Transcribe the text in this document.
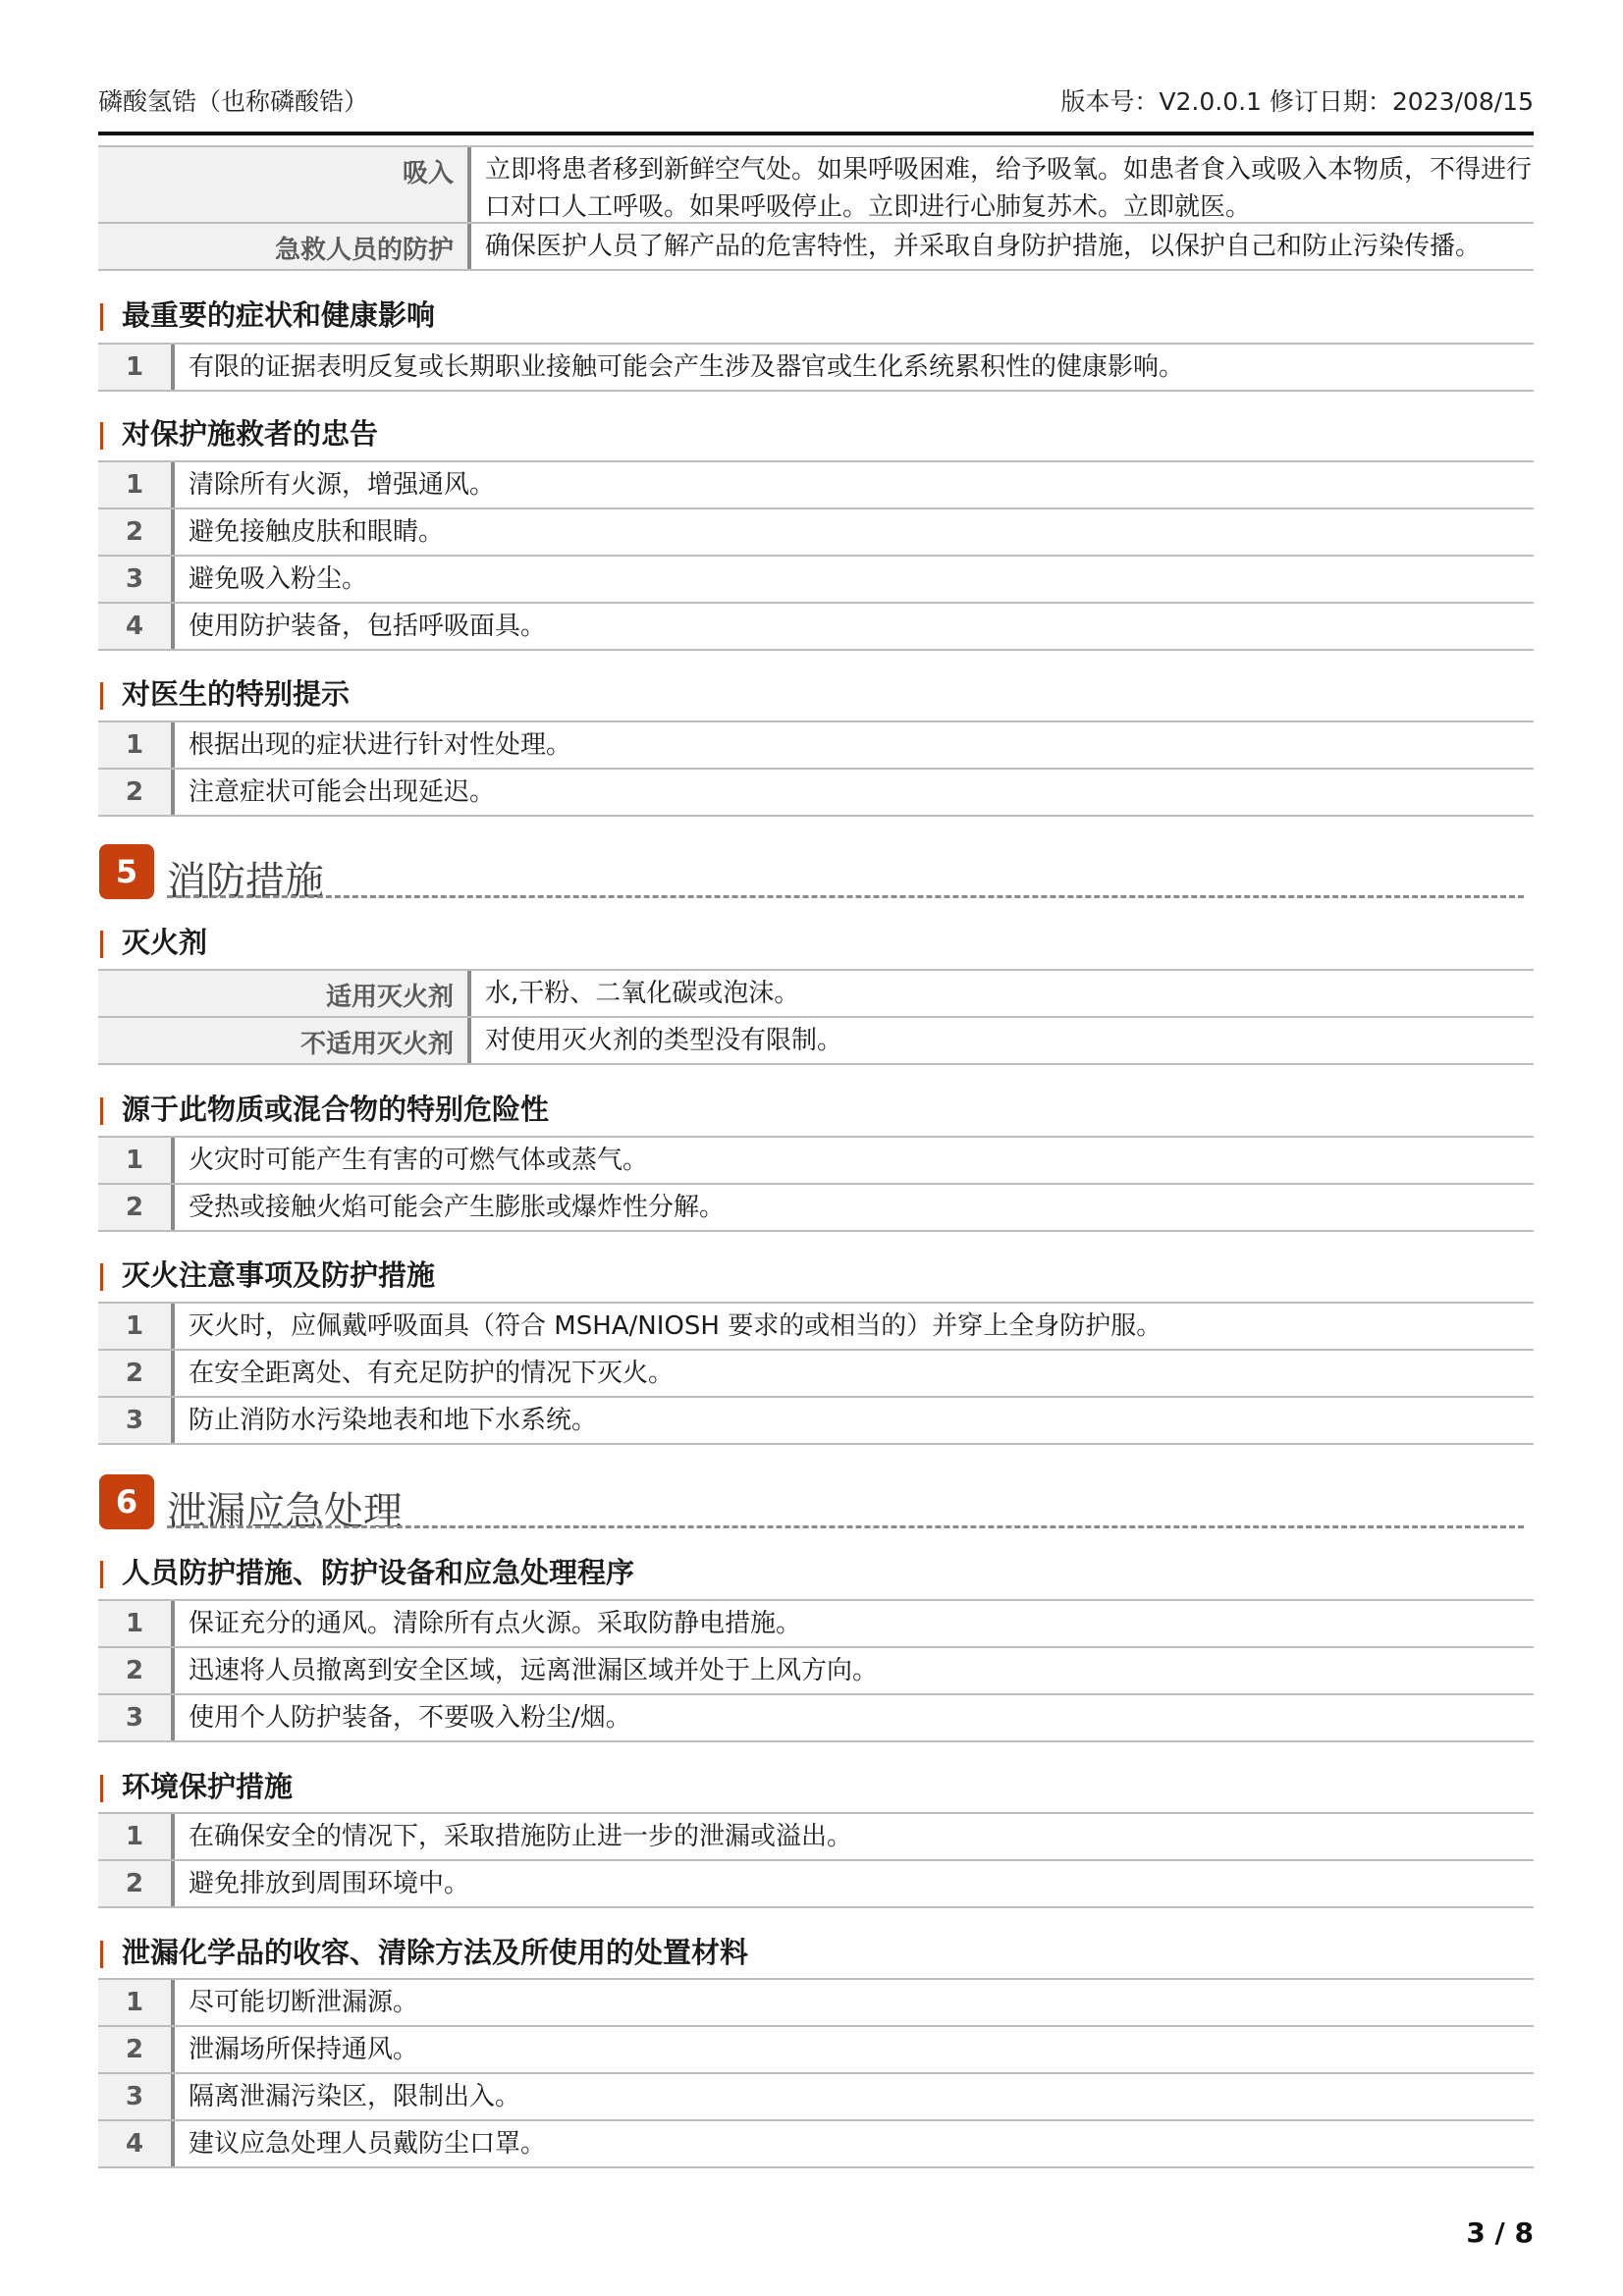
磷酸氢锆（也称磷酸锆）	版本号：V2.0.0.1 修订日期：2023/08/15
吸入	立即将患者移到新鲜空气处。如果呼吸困难，给予吸氧。如患者食入或吸入本物质，不得进行口对口人工呼吸。如果呼吸停止。立即进行心肺复苏术。立即就医。
急救人员的防护	确保医护人员了解产品的危害特性，并采取自身防护措施，以保护自己和防止污染传播。
最重要的症状和健康影响
1	有限的证据表明反复或长期职业接触可能会产生涉及器官或生化系统累积性的健康影响。
对保护施救者的忠告
1	清除所有火源，增强通风。
2	避免接触皮肤和眼睛。
3	避免吸入粉尘。
4	使用防护装备，包括呼吸面具。
对医生的特别提示
1	根据出现的症状进行针对性处理。
2	注意症状可能会出现延迟。
5 消防措施
灭火剂
适用灭火剂	水,干粉、二氧化碳或泡沫。
不适用灭火剂	对使用灭火剂的类型没有限制。
源于此物质或混合物的特别危险性
1	火灾时可能产生有害的可燃气体或蒸气。
2	受热或接触火焰可能会产生膨胀或爆炸性分解。
灭火注意事项及防护措施
1	灭火时，应佩戴呼吸面具（符合 MSHA/NIOSH 要求的或相当的）并穿上全身防护服。
2	在安全距离处、有充足防护的情况下灭火。
3	防止消防水污染地表和地下水系统。
6 泄漏应急处理
人员防护措施、防护设备和应急处理程序
1	保证充分的通风。清除所有点火源。采取防静电措施。
2	迅速将人员撤离到安全区域，远离泄漏区域并处于上风方向。
3	使用个人防护装备，不要吸入粉尘/烟。
环境保护措施
1	在确保安全的情况下，采取措施防止进一步的泄漏或溢出。
2	避免排放到周围环境中。
泄漏化学品的收容、清除方法及所使用的处置材料
1	尽可能切断泄漏源。
2	泄漏场所保持通风。
3	隔离泄漏污染区，限制出入。
4	建议应急处理人员戴防尘口罩。
3 / 8
